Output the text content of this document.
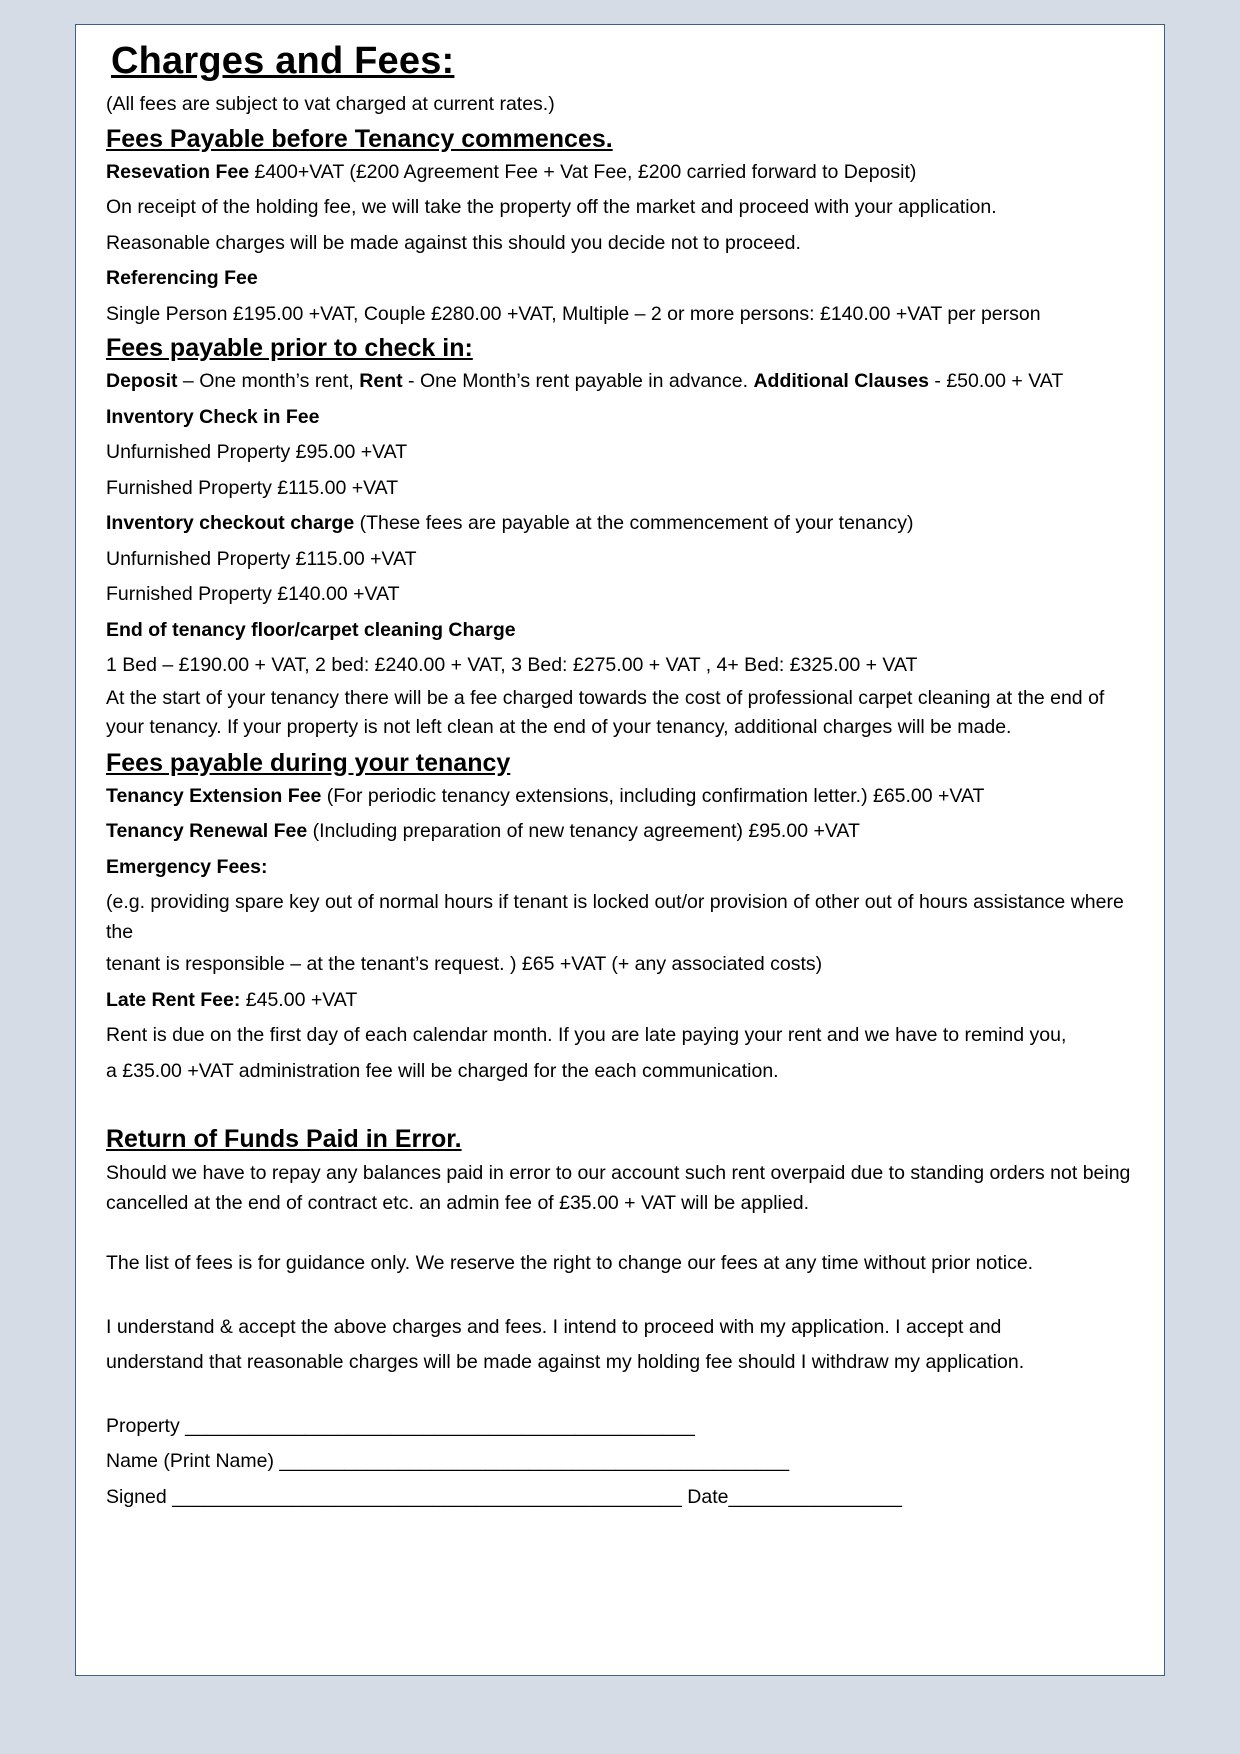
Charges and Fees:

(All fees are subject to vat charged at current rates.)

Fees Payable before Tenancy commences.

Resevation Fee £400+VAT (£200 Agreement Fee + Vat Fee, £200 carried forward to Deposit)

On receipt of the holding fee, we will take the property off the market and proceed with your application.

Reasonable charges will be made against this should you decide not to proceed.

Referencing Fee

Single Person £195.00 +VAT, Couple £280.00 +VAT, Multiple – 2 or more persons: £140.00 +VAT per person

Fees payable prior to check in:

Deposit – One month’s rent, Rent - One Month’s rent payable in advance. Additional Clauses - £50.00 + VAT

Inventory Check in Fee

Unfurnished Property £95.00 +VAT

Furnished Property £115.00 +VAT

Inventory checkout charge (These fees are payable at the commencement of your tenancy)

Unfurnished Property £115.00 +VAT

Furnished Property £140.00 +VAT

End of tenancy floor/carpet cleaning Charge

1 Bed – £190.00 + VAT, 2 bed: £240.00 + VAT, 3 Bed: £275.00 + VAT , 4+ Bed: £325.00 + VAT

At the start of your tenancy there will be a fee charged towards the cost of professional carpet cleaning at the end of your tenancy. If your property is not left clean at the end of your tenancy, additional charges will be made.

Fees payable during your tenancy

Tenancy Extension Fee (For periodic tenancy extensions, including confirmation letter.) £65.00 +VAT

Tenancy Renewal Fee (Including preparation of new tenancy agreement) £95.00 +VAT

Emergency Fees:

(e.g. providing spare key out of normal hours if tenant is locked out/or provision of other out of hours assistance where the

tenant is responsible – at the tenant’s request. ) £65 +VAT (+ any associated costs)

Late Rent Fee: £45.00 +VAT

Rent is due on the first day of each calendar month. If you are late paying your rent and we have to remind you,

a £35.00 +VAT administration fee will be charged for the each communication.

Return of Funds Paid in Error.

Should we have to repay any balances paid in error to our account such rent overpaid due to standing orders not being cancelled at the end of contract etc. an admin fee of £35.00 + VAT will be applied.

The list of fees is for guidance only. We reserve the right to change our fees at any time without prior notice.

I understand & accept the above charges and fees. I intend to proceed with my application. I accept and

understand that reasonable charges will be made against my holding fee should I withdraw my application.

Property _______________________________________________

Name (Print Name) _______________________________________________

Signed _______________________________________________ Date________________
